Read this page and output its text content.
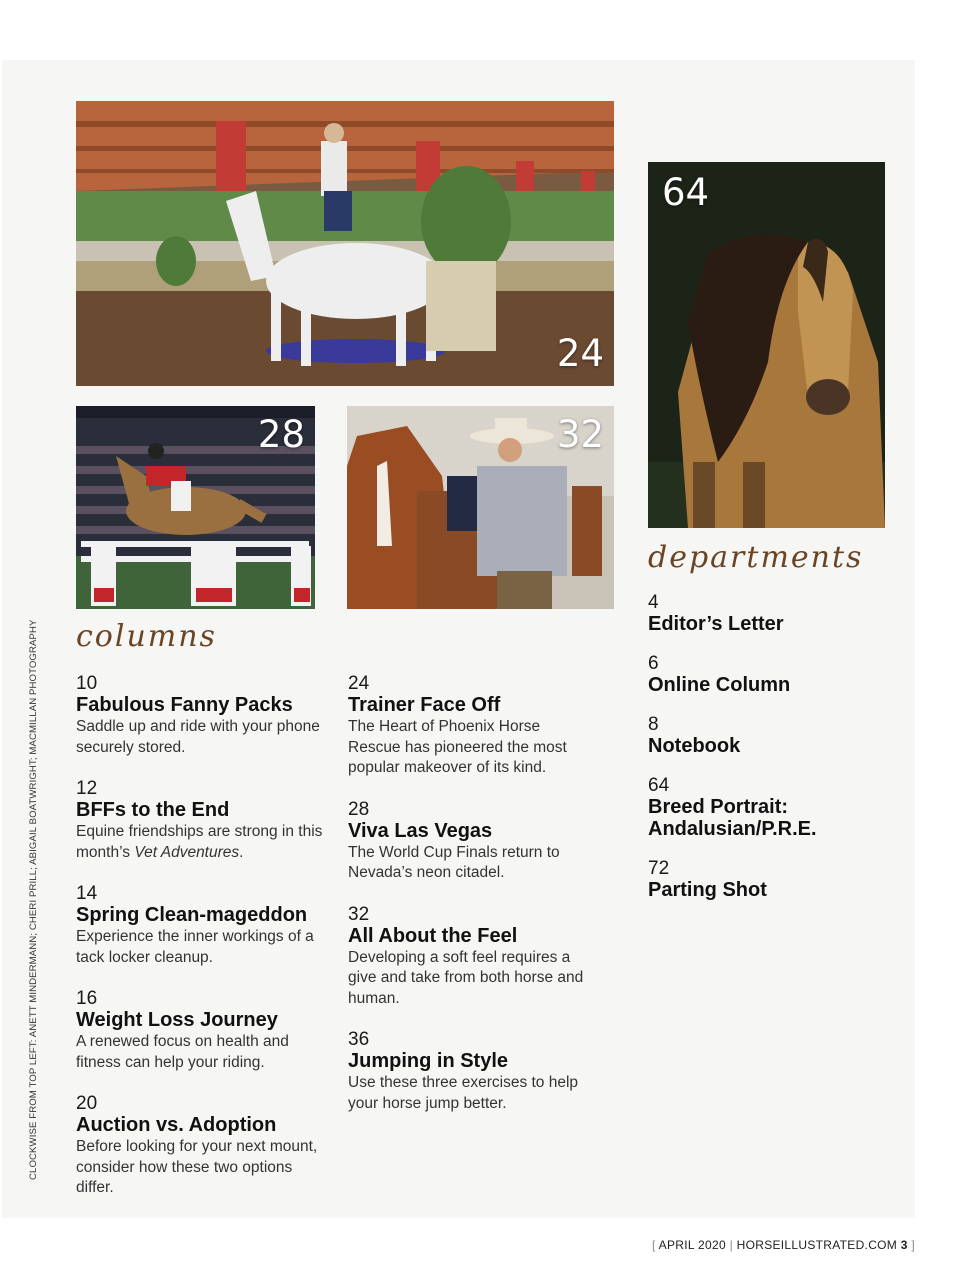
24
28	32
64
columns
departments
10
Fabulous Fanny Packs
Saddle up and ride with your phone securely stored.
12
BFFs to the End
Equine friendships are strong in this month’s Vet Adventures.
14
Spring Clean-mageddon
Experience the inner workings of a tack locker cleanup.
16
Weight Loss Journey
A renewed focus on health and fitness can help your riding.
20
Auction vs. Adoption
Before looking for your next mount, consider how these two options differ.
24
Trainer Face Off
The Heart of Phoenix Horse Rescue has pioneered the most popular makeover of its kind.
28
Viva Las Vegas
The World Cup Finals return to Nevada’s neon citadel.
32
All About the Feel
Developing a soft feel requires a give and take from both horse and human.
36
Jumping in Style
Use these three exercises to help your horse jump better.
4
Editor’s Letter
6
Online Column
8
Notebook
64
Breed Portrait: Andalusian/P.R.E.
72
Parting Shot
CLOCKWISE FROM TOP LEFT: ANETT MINDERMANN; CHERI PRILL; ABIGAIL BOATWRIGHT; MACMILLAN PHOTOGRAPHY
[ APRIL 2020 | HORSEILLUSTRATED.COM 3 ]
